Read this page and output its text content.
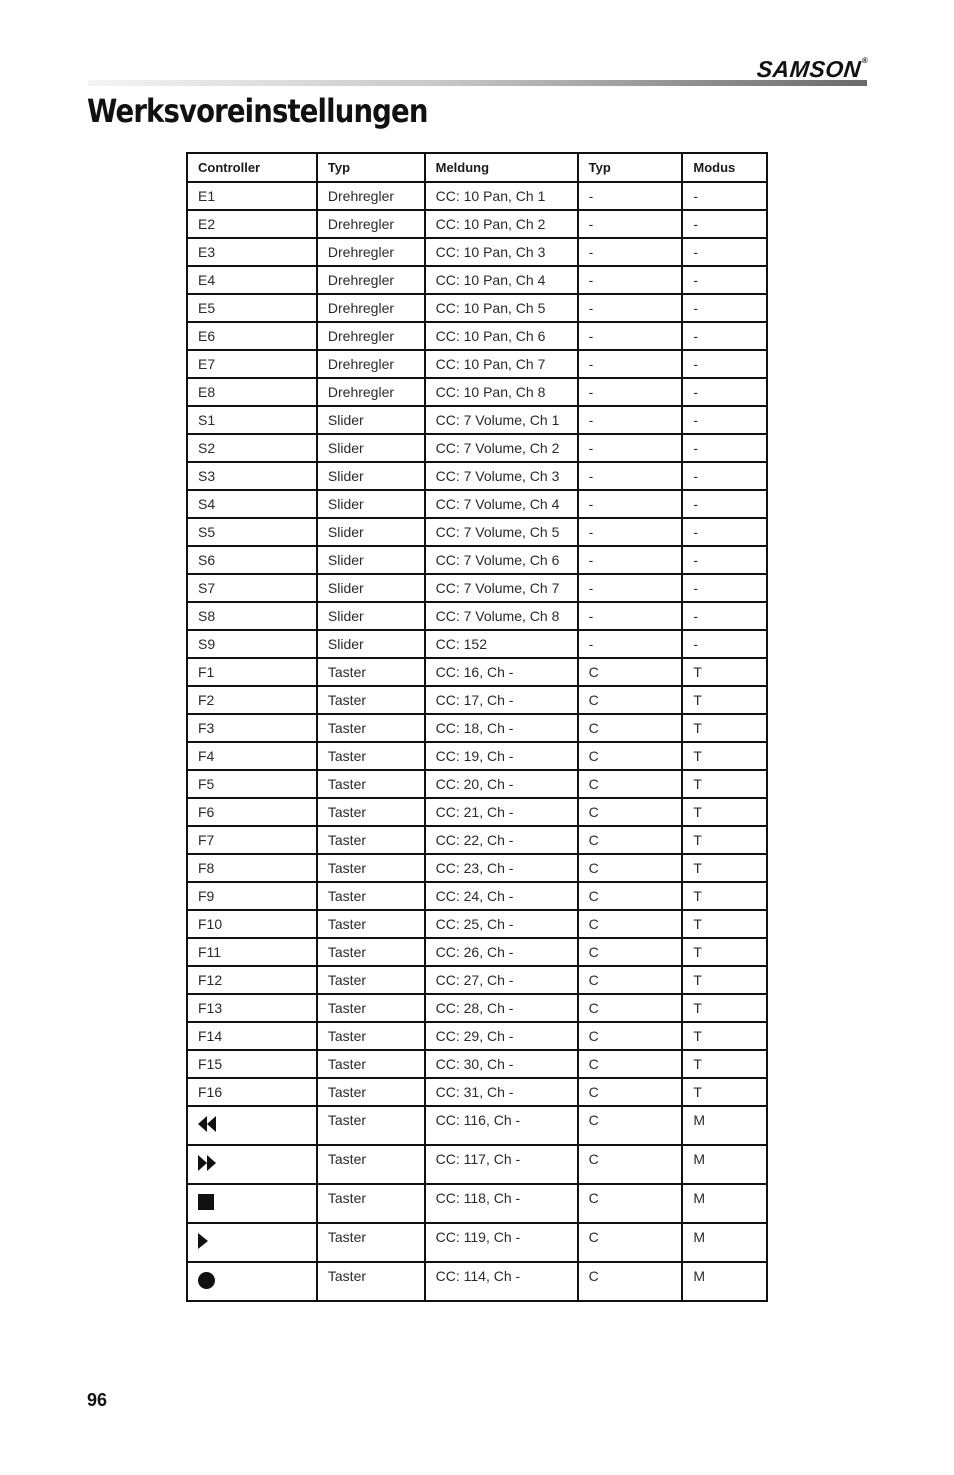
SAMSON®
Werksvoreinstellungen
Controller	Typ	Meldung	Typ	Modus
E1	Drehregler	CC: 10 Pan, Ch 1	-	-
E2	Drehregler	CC: 10 Pan, Ch 2	-	-
E3	Drehregler	CC: 10 Pan, Ch 3	-	-
E4	Drehregler	CC: 10 Pan, Ch 4	-	-
E5	Drehregler	CC: 10 Pan, Ch 5	-	-
E6	Drehregler	CC: 10 Pan, Ch 6	-	-
E7	Drehregler	CC: 10 Pan, Ch 7	-	-
E8	Drehregler	CC: 10 Pan, Ch 8	-	-
S1	Slider	CC: 7 Volume, Ch 1	-	-
S2	Slider	CC: 7 Volume, Ch 2	-	-
S3	Slider	CC: 7 Volume, Ch 3	-	-
S4	Slider	CC: 7 Volume, Ch 4	-	-
S5	Slider	CC: 7 Volume, Ch 5	-	-
S6	Slider	CC: 7 Volume, Ch 6	-	-
S7	Slider	CC: 7 Volume, Ch 7	-	-
S8	Slider	CC: 7 Volume, Ch 8	-	-
S9	Slider	CC: 152	-	-
F1	Taster	CC: 16, Ch -	C	T
F2	Taster	CC: 17, Ch -	C	T
F3	Taster	CC: 18, Ch -	C	T
F4	Taster	CC: 19, Ch -	C	T
F5	Taster	CC: 20, Ch -	C	T
F6	Taster	CC: 21, Ch -	C	T
F7	Taster	CC: 22, Ch -	C	T
F8	Taster	CC: 23, Ch -	C	T
F9	Taster	CC: 24, Ch -	C	T
F10	Taster	CC: 25, Ch -	C	T
F11	Taster	CC: 26, Ch -	C	T
F12	Taster	CC: 27, Ch -	C	T
F13	Taster	CC: 28, Ch -	C	T
F14	Taster	CC: 29, Ch -	C	T
F15	Taster	CC: 30, Ch -	C	T
F16	Taster	CC: 31, Ch -	C	T

	Taster	CC: 116, Ch -	C	M

	Taster	CC: 117, Ch -	C	M
	Taster	CC: 118, Ch -	C	M
	Taster	CC: 119, Ch -	C	M
	Taster	CC: 114, Ch -	C	M
96
